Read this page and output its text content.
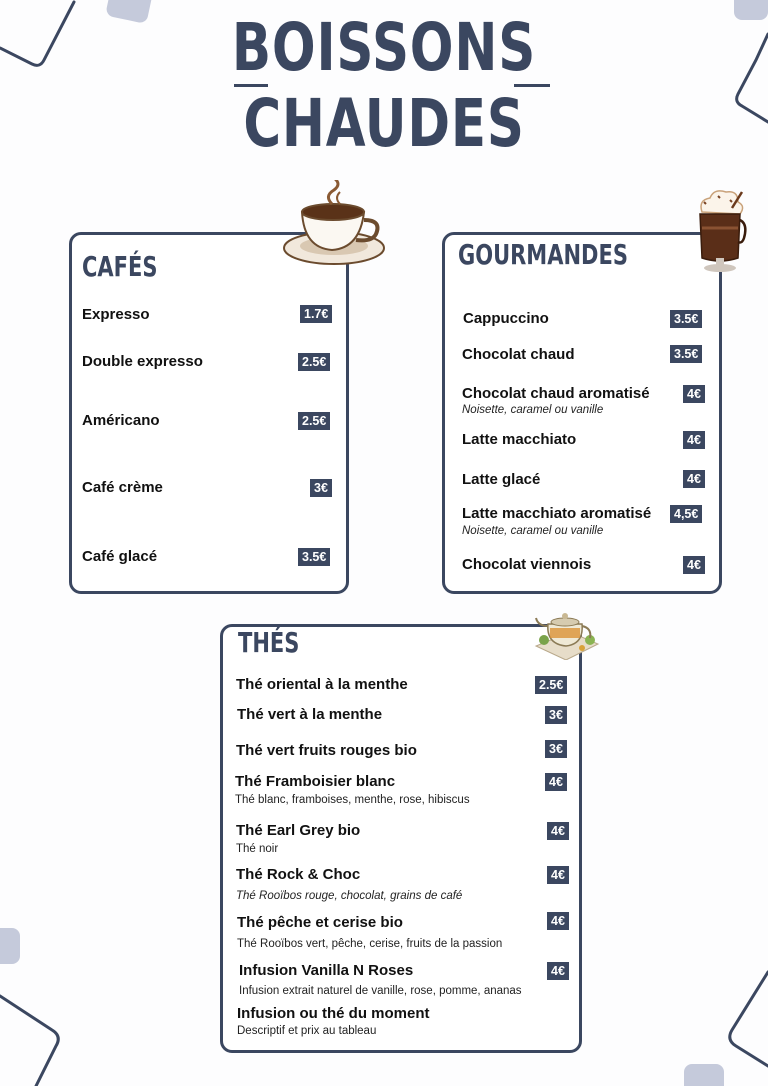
BOISSONS
CHAUDES
CAFÉS
Expresso	1.7€
Double expresso	2.5€
Américano	2.5€
Café crème	3€
Café glacé	3.5€
GOURMANDES
Cappuccino	3.5€
Chocolat chaud	3.5€
Chocolat chaud aromatisé	4€
Noisette, caramel ou vanille
Latte macchiato	4€
Latte glacé	4€
Latte macchiato aromatisé	4,5€
Noisette, caramel ou vanille
Chocolat viennois	4€
THÉS
Thé oriental à la menthe	2.5€
Thé vert à la menthe	3€
Thé vert fruits rouges bio	3€
Thé Framboisier blanc	4€
Thé blanc, framboises, menthe, rose, hibiscus
Thé Earl Grey bio	4€
Thé noir
Thé Rock & Choc	4€
Thé Rooïbos rouge, chocolat, grains de café
Thé pêche et cerise bio	4€
Thé Rooïbos vert, pêche, cerise, fruits de la passion
Infusion Vanilla N Roses	4€
Infusion extrait naturel de vanille, rose, pomme, ananas
Infusion ou thé du moment
Descriptif et prix au tableau
